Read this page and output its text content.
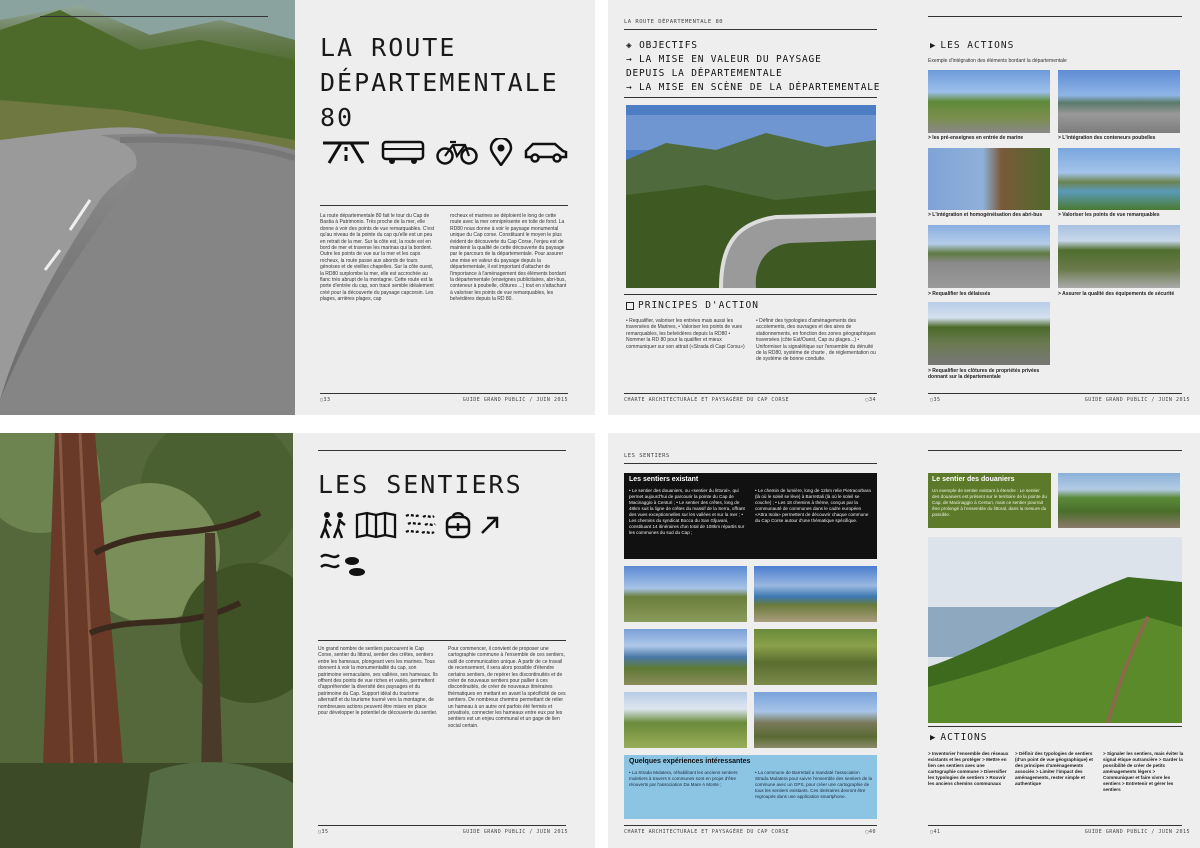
LA ROUTE
DÉPARTEMENTALE
80

La route départementale 80 fait le tour du Cap de Bastia à Patrimonio. Très proche de la mer, elle donne à voir des points de vue remarquables. C'est qu'au niveau de la pointe du cap qu'elle est un peu en retrait de la mer. Sur la côte est, la route est en bord de mer et traverse les marinas qui la bordent. Outre les points de vue sur la mer et les caps rocheux, la route passe aux abords de tours génoises et de vieilles chapelles. Sur la côte ouest, la RD80 surplombe la mer, elle est accrochée au flanc très abrupt de la montagne. Cette route est la porte d'entrée du cap, son tracé semble idéalement créé pour la découverte du paysage capcorsin. Les plages, arrières plages, cap

rocheux et marines se déploient le long de cette route avec la mer omniprésente en toile de fond. La RD80 nous donne à voir le paysage monumental unique du Cap corse. Constituant le moyen le plus évident de découverte du Cap Corse, l'enjeu est de maintenir la qualité de cette découverte du paysage par le parcours de la départementale. Pour assurer une mise en valeur du paysage depuis la départementale, il est important d'attacher de l'importance à l'aménagement des éléments bordant la départementale (enseignes publicitaires, abri-bus, conteneur à poubelle, clôtures ...) tout en s'attachant à valoriser les points de vue remarquables, les belvédères depuis la RD 80.

▢33	GUIDE GRAND PUBLIC / JUIN 2015
LA ROUTE DÉPARTEMENTALE 80
◈ OBJECTIFS
→ LA MISE EN VALEUR DU PAYSAGE
DEPUIS LA DÉPARTEMENTALE
→ LA MISE EN SCÈNE DE LA DÉPARTEMENTALE
PRINCIPES D'ACTION

• Requalifier, valoriser les entrées mais aussi les traversées de Marines, • Valoriser les points de vues remarquables, les belvédères depuis la RD80 • Nommer la RD 80 pour la qualifier et mieux communiquer sur son attrait («Strada di Capi Corsu»)

• Définir des typologies d'aménagements des accotements, des ouvrages et des aires de stationnements, en fonction des zones géographiques traversées (côte Est/Ouest, Cap ou plages...) • Uniformiser la signalétique sur l'ensemble du dénuité de la RD80, système de charte , de réglementation ou de système de bonne conduite.

CHARTE ARCHITECTURALE ET PAYSAGÈRE DU CAP CORSE	▢34
▶ LES ACTIONS
Exemple d'intégration des éléments bordant la départementale
> les pré-enseignes en entrée de marine	> L'intégration des conteneurs poubelles
> L'intégration et homogénéisation des abri-bus	> Valoriser les points de vue remarquables
> Requalifier les délaissés	> Assurer la qualité des équipements de sécurité
> Requalifier les clôtures de propriétés privées donnant sur la départementale
▢35	GUIDE GRAND PUBLIC / JUIN 2015
LES SENTIERS

Un grand nombre de sentiers parcourent le Cap Corse, sentier du littoral, sentier des crêtes, sentiers entre les hameaux, plongeant vers les marines. Tous donnent à voir la monumentalité du cap, son patrimoine vernaculaire, ses vallées, ses hameaux. Ils offrent des points de vue riches et variés, permettent d'appréhender la diversité des paysages et du patrimoine du Cap. Support idéal du tourisme alternatif et du tourisme tourné vers la montagne, de nombreuses actions peuvent être mises en place pour développer le potentiel de découverte du sentier.

Pour commencer, il convient de proposer une cartographie commune à l'ensemble de ces sentiers, outil de communication unique. A partir de ce travail de recensement, il sera alors possible d'étendre certains sentiers, de repérer les discontinuités et de créer de nouveaux sentiers pour pallier à ces discontinuités, de créer de nouveaux itinéraires thématiques en mettant en avant la spécificité de ces sentiers. De nombreux chemins permettant de relier un hameau à un autre ont parfois été fermés et privatisés, connecter les hameaux entre eux par les sentiers est un enjeu communal et un gage de lien social certain.

▢35	GUIDE GRAND PUBLIC / JUIN 2015
LES SENTIERS
Les sentiers existant

• Le sentier des douaniers, ou «sentier du littoral», qui permet aujourd'hui de parcourir la pointe du Cap de Macinaggio à Centuri ; • Le sentier des crêtes, long de 48km suit la ligne de crêtes du massif de la Serra, offrant des vues exceptionnelles sur les vallées et sur la mer ; • Les chemins du syndicat Bocca du San Gljuvani, constituant 14 itinéraires d'un total de 108km répartis sur les communes du sud du Cap ;

• Le chemin de lumière, long de 12km relie Pietracorbara (là où le soleil se lève) à Barrettali (là où le soleil se couche) ; • Les 18 chemins à thème, conçus par la communauté de communes dans le cadre européen «Attra Isola» permettent de découvrir chaque commune du Cap Corse autour d'une thématique spécifique.

Quelques expériences intéressantes

• La Strada Mulatera, réhabilitant les anciens sentiers muletiers à travers 5 communes sont en projet d'être réouverts par l'association Da Mare A Monte ;

• La commune de Barrettali a mandaté l'association Strada Mulatera pour suivre l'ensemble des sentiers de la commune avec un GPS, pour créer une cartographie de tous les sentiers existants. Ces itinéraires devront être regroupés dans une application smartphone.

CHARTE ARCHITECTURALE ET PAYSAGÈRE DU CAP CORSE	▢40
Le sentier des douaniers

Un exemple de sentier existant à étendre : Le sentier des douaniers est présent sur le territoire de la pointe du Cap, de Macinaggio à Centuri, mais ce sentier pourrait être prolongé à l'ensemble du littoral, dans la mesure du possible.

▶ ACTIONS

> Inventorier l'ensemble des réseaux existants et les protéger > Mettre en lien ces sentiers avec une cartographie commune > Diversifier les typologies de sentiers > Rouvrir les anciens chemins communaux

> Définir des typologies de sentiers (d'un point de vue géographique) et des principes d'aménagements associés > Limiter l'impact des aménagements, rester simple et authentique

> Signaler les sentiers, mais éviter la signal étique outrancière > Garder la possibilité de créer de petits aménagements légers > Communiquer et faire vivre les sentiers > Entretenir et gérer les sentiers

▢41	GUIDE GRAND PUBLIC / JUIN 2015
